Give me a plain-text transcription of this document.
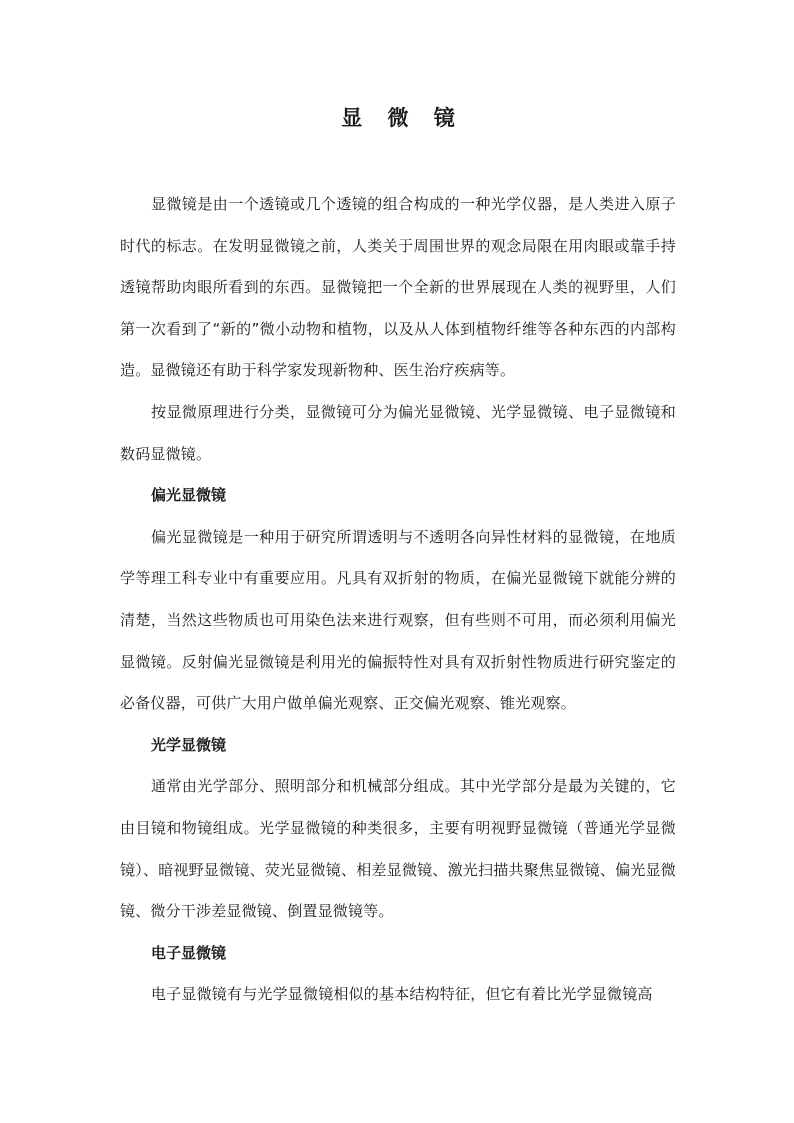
显 微 镜

显微镜是由一个透镜或几个透镜的组合构成的一种光学仪器，是人类进入原子时代的标志。在发明显微镜之前，人类关于周围世界的观念局限在用肉眼或靠手持透镜帮助肉眼所看到的东西。显微镜把一个全新的世界展现在人类的视野里，人们第一次看到了“新的”微小动物和植物，以及从人体到植物纤维等各种东西的内部构造。显微镜还有助于科学家发现新物种、医生治疗疾病等。

按显微原理进行分类，显微镜可分为偏光显微镜、光学显微镜、电子显微镜和数码显微镜。

偏光显微镜

偏光显微镜是一种用于研究所谓透明与不透明各向异性材料的显微镜，在地质学等理工科专业中有重要应用。凡具有双折射的物质，在偏光显微镜下就能分辨的清楚，当然这些物质也可用染色法来进行观察，但有些则不可用，而必须利用偏光显微镜。反射偏光显微镜是利用光的偏振特性对具有双折射性物质进行研究鉴定的必备仪器，可供广大用户做单偏光观察、正交偏光观察、锥光观察。

光学显微镜

通常由光学部分、照明部分和机械部分组成。其中光学部分是最为关键的，它由目镜和物镜组成。光学显微镜的种类很多，主要有明视野显微镜（普通光学显微镜）、暗视野显微镜、荧光显微镜、相差显微镜、激光扫描共聚焦显微镜、偏光显微镜、微分干涉差显微镜、倒置显微镜等。

电子显微镜

电子显微镜有与光学显微镜相似的基本结构特征，但它有着比光学显微镜高
